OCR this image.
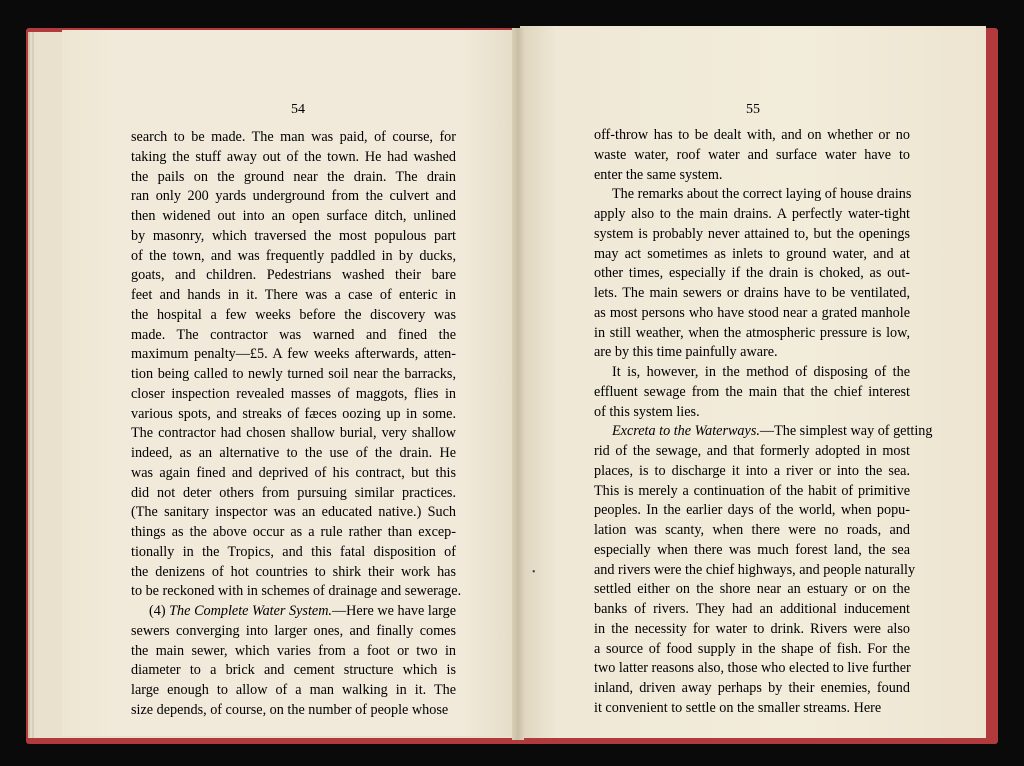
54	55
search to be made. The man was paid, of course, for
taking the stuff away out of the town. He had washed
the pails on the ground near the drain. The drain
ran only 200 yards underground from the culvert and
then widened out into an open surface ditch, unlined
by masonry, which traversed the most populous part
of the town, and was frequently paddled in by ducks,
goats, and children. Pedestrians washed their bare
feet and hands in it. There was a case of enteric in
the hospital a few weeks before the discovery was
made. The contractor was warned and fined the
maximum penalty—£5. A few weeks afterwards, atten-
tion being called to newly turned soil near the barracks,
closer inspection revealed masses of maggots, flies in
various spots, and streaks of fæces oozing up in some.
The contractor had chosen shallow burial, very shallow
indeed, as an alternative to the use of the drain. He
was again fined and deprived of his contract, but this
did not deter others from pursuing similar practices.
(The sanitary inspector was an educated native.) Such
things as the above occur as a rule rather than excep-
tionally in the Tropics, and this fatal disposition of
the denizens of hot countries to shirk their work has
to be reckoned with in schemes of drainage and sewerage.
(4) The Complete Water System.—Here we have large
sewers converging into larger ones, and finally comes
the main sewer, which varies from a foot or two in
diameter to a brick and cement structure which is
large enough to allow of a man walking in it. The
size depends, of course, on the number of people whose
off-throw has to be dealt with, and on whether or no
waste water, roof water and surface water have to
enter the same system.
The remarks about the correct laying of house drains
apply also to the main drains. A perfectly water-tight
system is probably never attained to, but the openings
may act sometimes as inlets to ground water, and at
other times, especially if the drain is choked, as out-
lets. The main sewers or drains have to be ventilated,
as most persons who have stood near a grated manhole
in still weather, when the atmospheric pressure is low,
are by this time painfully aware.
It is, however, in the method of disposing of the
effluent sewage from the main that the chief interest
of this system lies.
Excreta to the Waterways.—The simplest way of getting
rid of the sewage, and that formerly adopted in most
places, is to discharge it into a river or into the sea.
This is merely a continuation of the habit of primitive
peoples. In the earlier days of the world, when popu-
lation was scanty, when there were no roads, and
especially when there was much forest land, the sea
and rivers were the chief highways, and people naturally
settled either on the shore near an estuary or on the
banks of rivers. They had an additional inducement
in the necessity for water to drink. Rivers were also
a source of food supply in the shape of fish. For the
two latter reasons also, those who elected to live further
inland, driven away perhaps by their enemies, found
it convenient to settle on the smaller streams. Here
•
